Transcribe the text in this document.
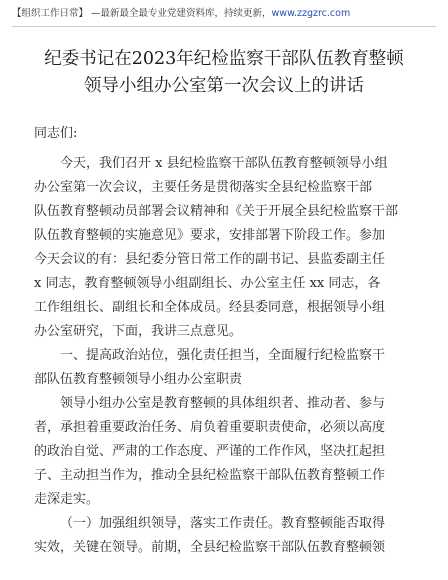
【组织工作日常】 —最新最全最专业党建资料库，持续更新，www.zzgzrc.com
纪委书记在2023年纪检监察干部队伍教育整顿
领导小组办公室第一次会议上的讲话
同志们:
今天，我们召开 x 县纪检监察干部队伍教育整顿领导小组
办公室第一次会议，主要任务是贯彻落实全县纪检监察干部
队伍教育整顿动员部署会议精神和《关于开展全县纪检监察干部
队伍教育整顿的实施意见》要求，安排部署下阶段工作。参加
今天会议的有：县纪委分管日常工作的副书记、县监委副主任
x 同志，教育整顿领导小组副组长、办公室主任 xx 同志，各
工作组组长、副组长和全体成员。经县委同意，根据领导小组
办公室研究，下面，我讲三点意见。
一、提高政治站位，强化责任担当，全面履行纪检监察干
部队伍教育整顿领导小组办公室职责
领导小组办公室是教育整顿的具体组织者、推动者、参与
者，承担着重要政治任务、肩负着重要职责使命，必须以高度
的政治自觉、严肃的工作态度、严谨的工作作风，坚决扛起担
子、主动担当作为，推动全县纪检监察干部队伍教育整顿工作
走深走实。
（一）加强组织领导，落实工作责任。教育整顿能否取得
实效，关键在领导。前期，全县纪检监察干部队伍教育整顿领
